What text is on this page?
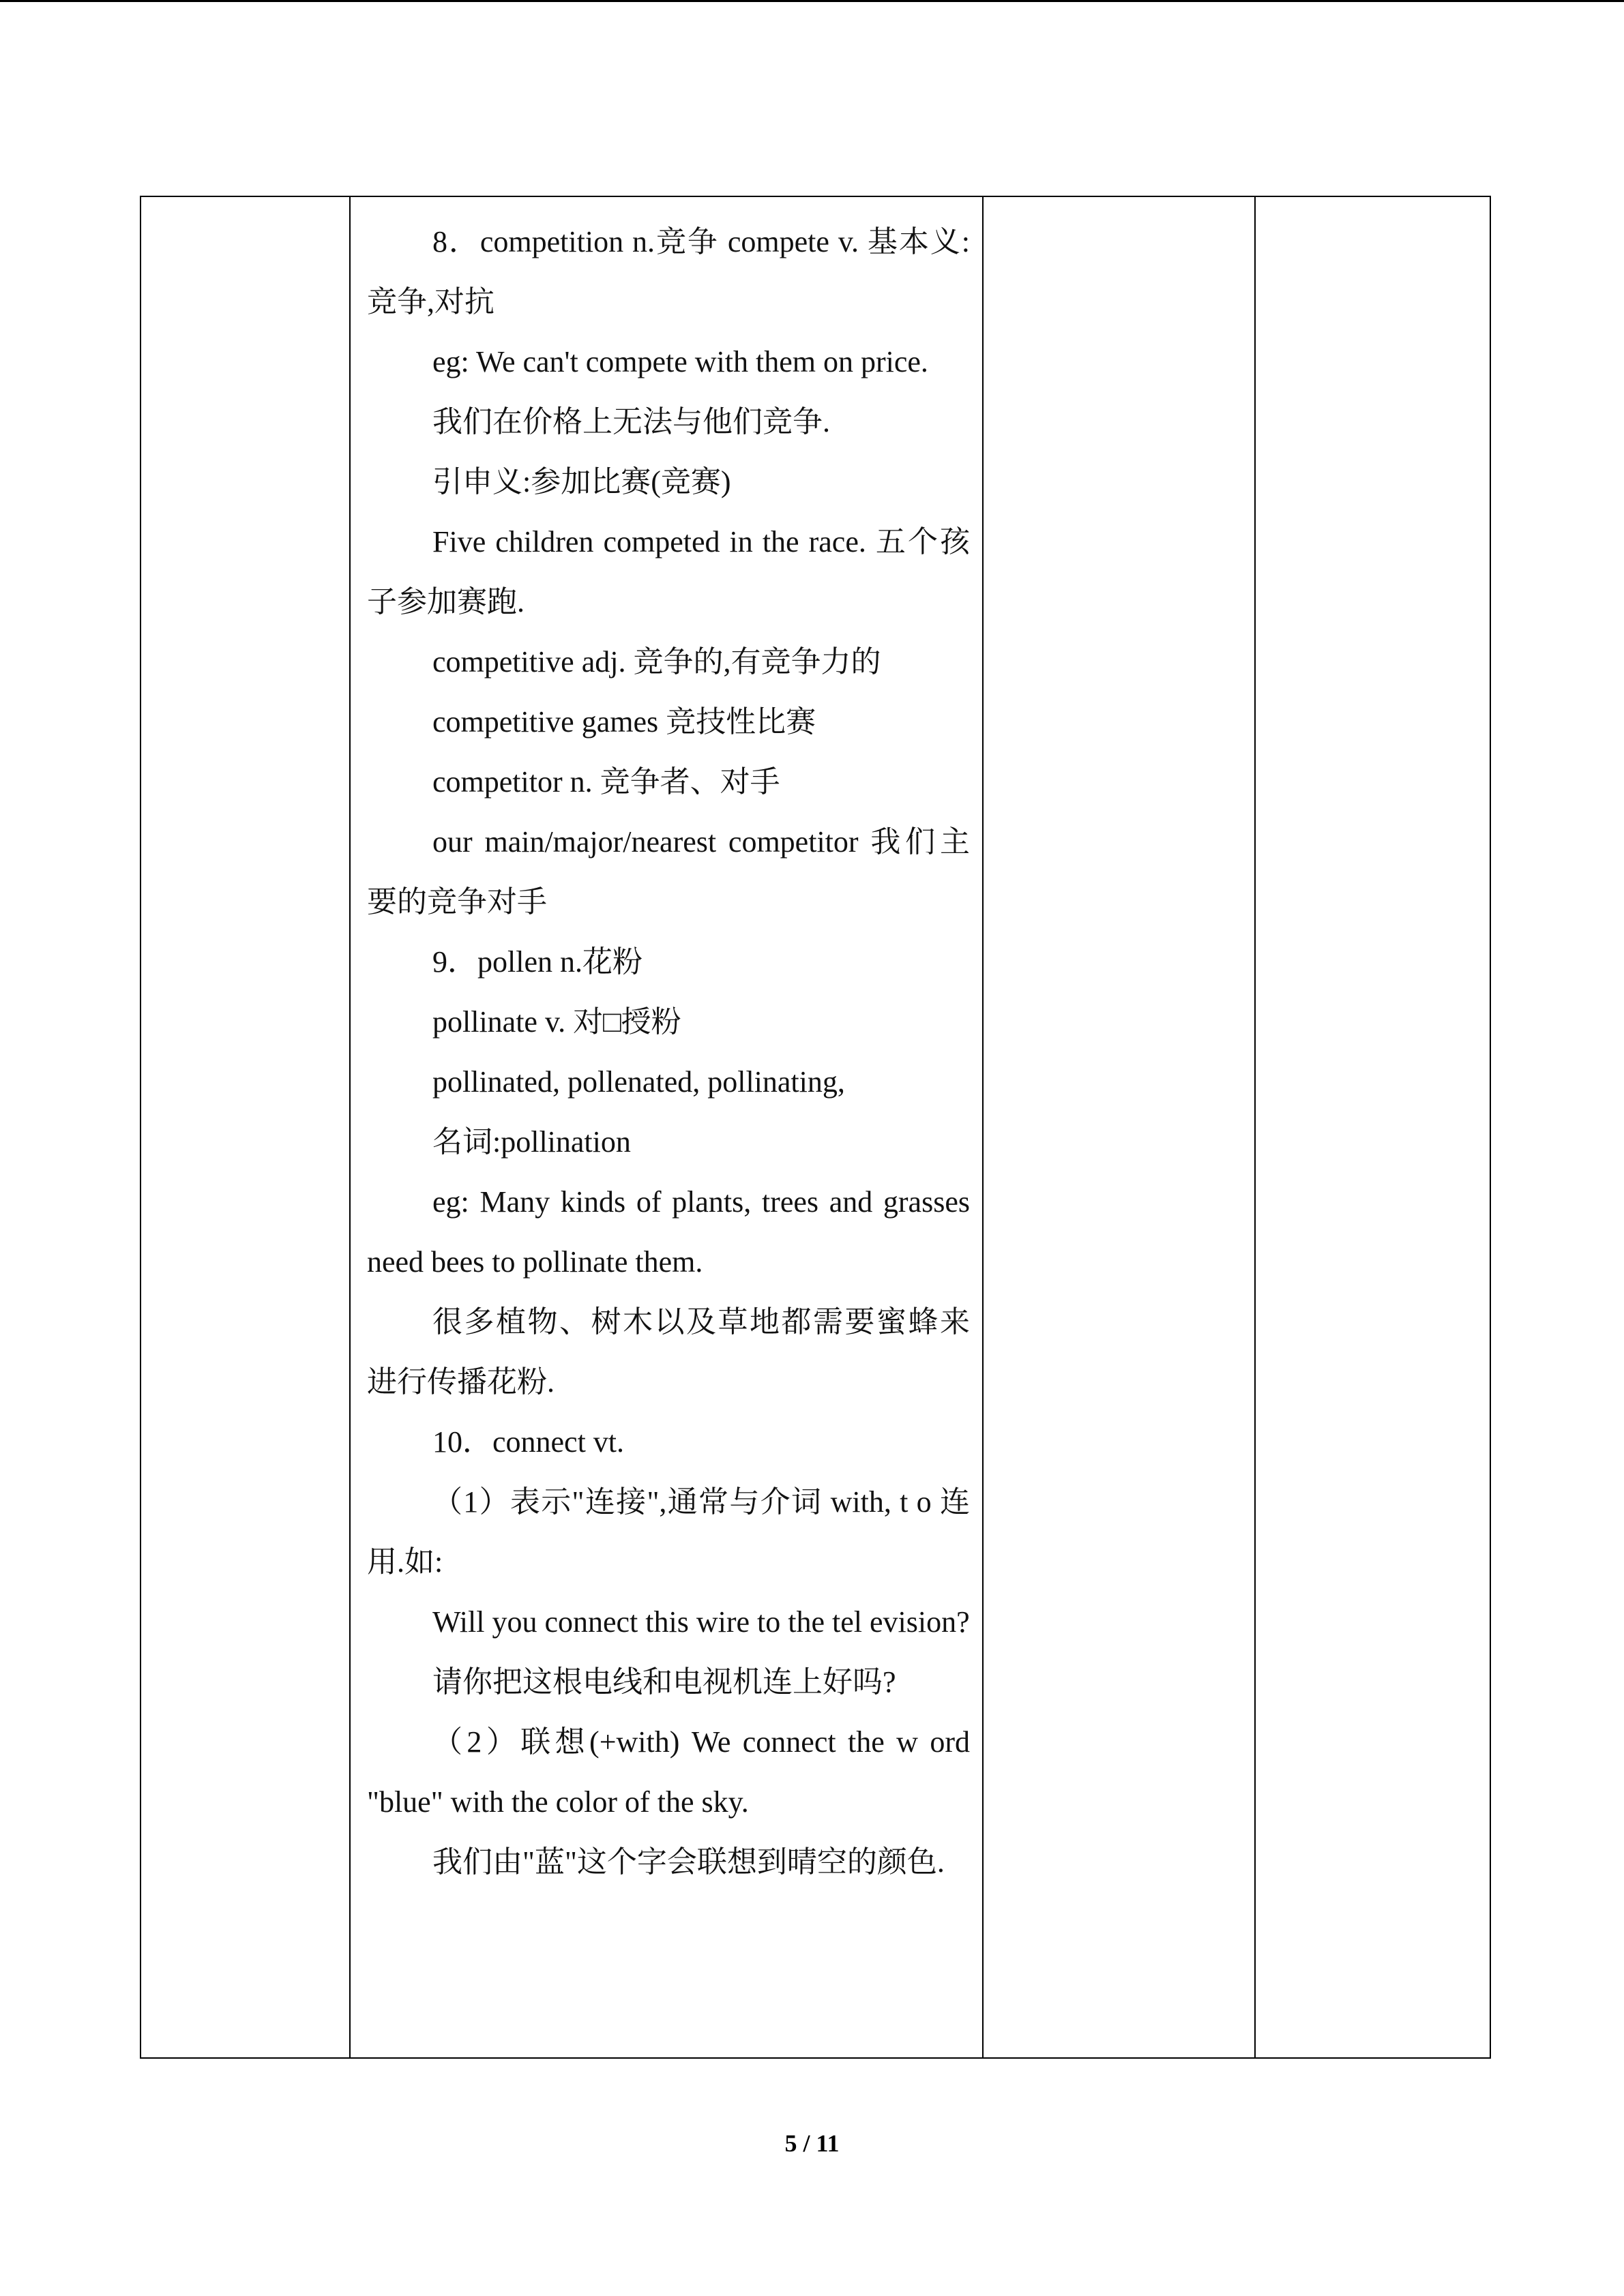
8．competition n.竞争 compete v. 基本义:竞争,对抗

eg: We can't compete with them on price.

我们在价格上无法与他们竞争.

引申义:参加比赛(竞赛)

Five children competed in the race. 五个孩子参加赛跑.

competitive adj. 竞争的,有竞争力的

competitive games 竞技性比赛

competitor n. 竞争者、对手

our main/major/nearest competitor 我们主要的竞争对手

9．pollen n.花粉

pollinate v. 对□授粉

pollinated, pollenated, pollinating,

名词:pollination

eg: Many kinds of plants, trees and grasses need bees to pollinate them.

很多植物、树木以及草地都需要蜜蜂来进行传播花粉.

10．connect vt.

（1）表示"连接",通常与介词 with, t o 连用.如:

Will you connect this wire to the tel evision?

请你把这根电线和电视机连上好吗?

（2）联想(+with) We connect the w ord "blue" with the color of the sky.

我们由"蓝"这个字会联想到晴空的颜色.

5 / 11
